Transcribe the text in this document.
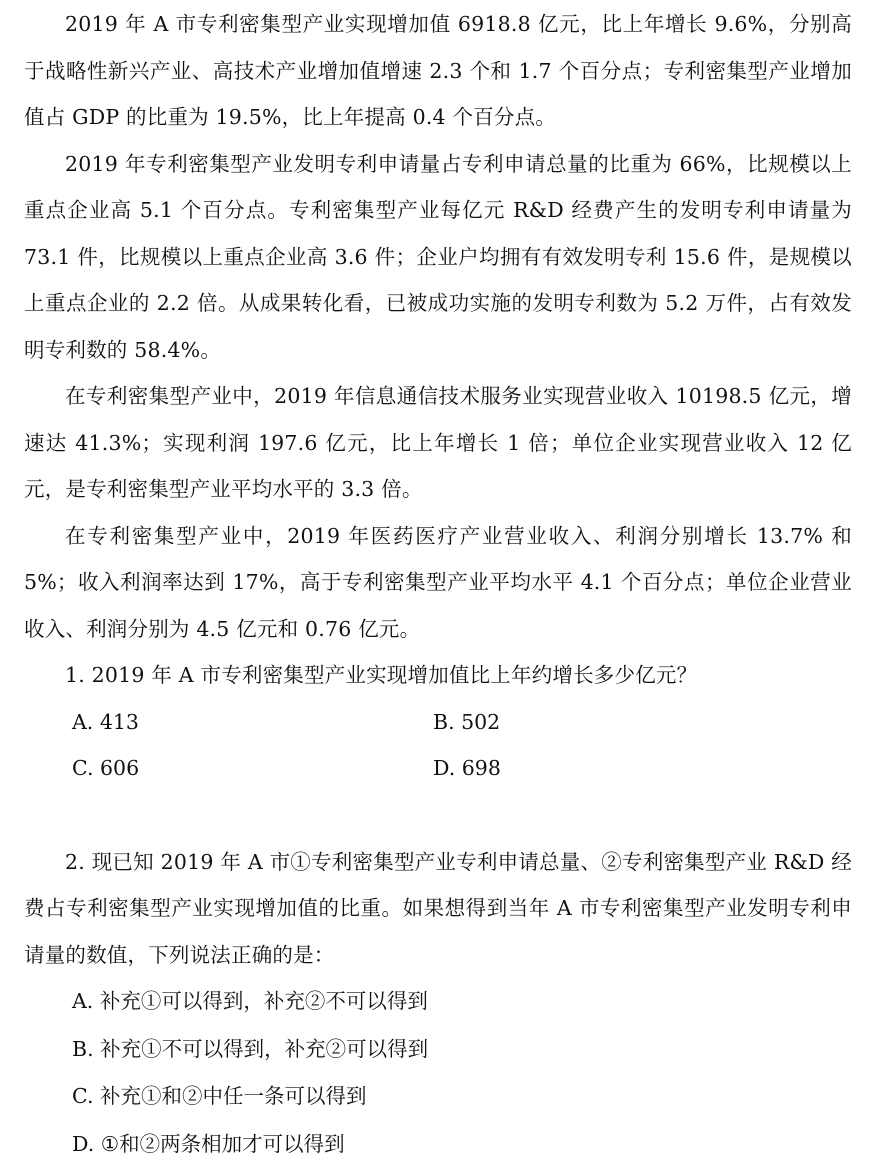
2019 年 A 市专利密集型产业实现增加值 6918.8 亿元，比上年增长 9.6%，分别高于战略性新兴产业、高技术产业增加值增速 2.3 个和 1.7 个百分点；专利密集型产业增加值占 GDP 的比重为 19.5%，比上年提高 0.4 个百分点。

2019 年专利密集型产业发明专利申请量占专利申请总量的比重为 66%，比规模以上重点企业高 5.1 个百分点。专利密集型产业每亿元 R&D 经费产生的发明专利申请量为 73.1 件，比规模以上重点企业高 3.6 件；企业户均拥有有效发明专利 15.6 件，是规模以上重点企业的 2.2 倍。从成果转化看，已被成功实施的发明专利数为 5.2 万件，占有效发明专利数的 58.4%。

在专利密集型产业中，2019 年信息通信技术服务业实现营业收入 10198.5 亿元，增速达 41.3%；实现利润 197.6 亿元，比上年增长 1 倍；单位企业实现营业收入 12 亿元，是专利密集型产业平均水平的 3.3 倍。

在专利密集型产业中，2019 年医药医疗产业营业收入、利润分别增长 13.7% 和 5%；收入利润率达到 17%，高于专利密集型产业平均水平 4.1 个百分点；单位企业营业收入、利润分别为 4.5 亿元和 0.76 亿元。

1. 2019 年 A 市专利密集型产业实现增加值比上年约增长多少亿元？

A. 413	B. 502
C. 606	D. 698

2. 现已知 2019 年 A 市①专利密集型产业专利申请总量、②专利密集型产业 R&D 经费占专利密集型产业实现增加值的比重。如果想得到当年 A 市专利密集型产业发明专利申请量的数值，下列说法正确的是：

A. 补充①可以得到，补充②不可以得到

B. 补充①不可以得到，补充②可以得到

C. 补充①和②中任一条可以得到

D. ①和②两条相加才可以得到
